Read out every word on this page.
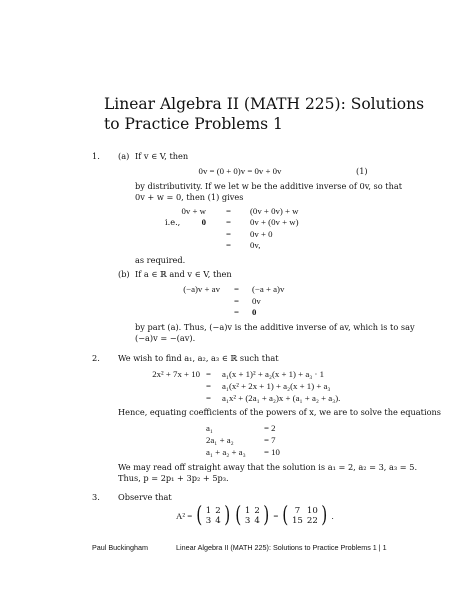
Linear Algebra II (MATH 225): Solutions
to Practice Problems 1
1. (a) If v ∈ V, then
0v = (0 + 0)v = 0v + 0v	(1)
by distributivity. If we let w be the additive inverse of 0v, so that
0v + w = 0, then (1) gives
0v + w = (0v + 0v) + w
i.e.,	0 = 0v + (0v + w)
= 0v + 0
= 0v,
as required.
(b) If a ∈ ℝ and v ∈ V, then
(−a)v + av = (−a + a)v
= 0v
= 0
by part (a). Thus, (−a)v is the additive inverse of av, which is to say
(−a)v = −(av).
2. We wish to find a₁, a₂, a₃ ∈ ℝ such that
2x² + 7x + 10 = a₁(x + 1)² + a₂(x + 1) + a₃ · 1
= a₁(x² + 2x + 1) + a₂(x + 1) + a₃
= a₁x² + (2a₁ + a₂)x + (a₁ + a₂ + a₃).
Hence, equating coefficients of the powers of x, we are to solve the equations
a₁	= 2
2a₁ + a₂	= 7
a₁ + a₂ + a₃ = 10
We may read off straight away that the solution is a₁ = 2, a₂ = 3, a₃ = 5.
Thus, p = 2p₁ + 3p₂ + 5p₃.
3. Observe that
A² = ( 1	2
3	4 ) ( 1	2
3	4 ) = ( 7	10
15	22 ) .
Paul Buckingham	Linear Algebra II (MATH 225): Solutions to Practice Problems 1 | 1
